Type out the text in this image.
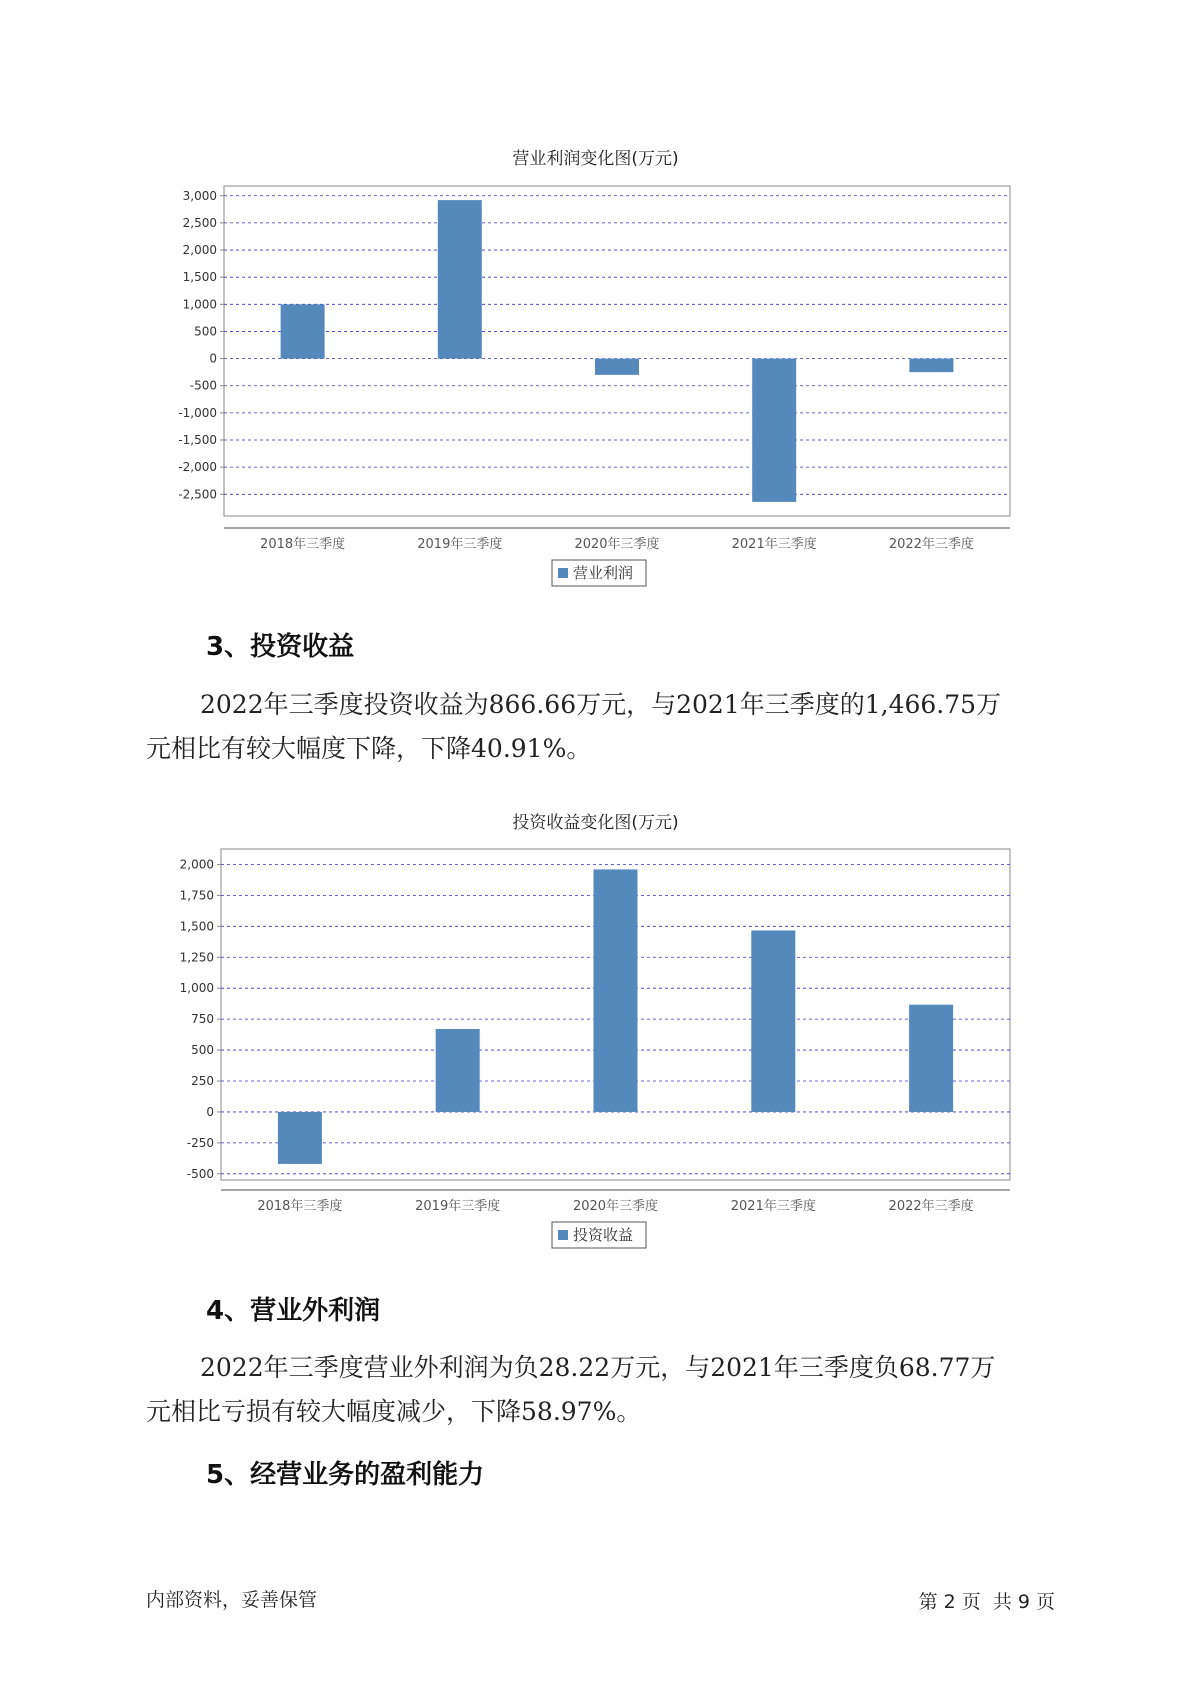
营业利润变化图(万元)
3,000
2,500
2,000
1,500
1,000
500
0
-500
-1,000
-1,500
-2,000
-2,500
2018年三季度	2019年三季度	2020年三季度	2021年三季度	2022年三季度
营业利润
3、投资收益

2022年三季度投资收益为866.66万元，与2021年三季度的1,466.75万
元相比有较大幅度下降，下降40.91%。

投资收益变化图(万元)
2,000
1,750
1,500
1,250
1,000
750
500
250
0
-250
-500
2018年三季度	2019年三季度	2020年三季度	2021年三季度	2022年三季度
投资收益
4、营业外利润

2022年三季度营业外利润为负28.22万元，与2021年三季度负68.77万
元相比亏损有较大幅度减少，下降58.97%。

5、经营业务的盈利能力
内部资料，妥善保管	第 2 页  共 9 页
